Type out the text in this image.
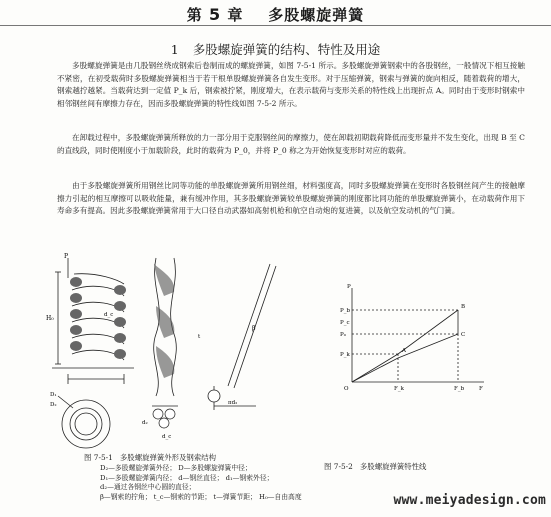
第 5 章 多股螺旋弹簧
1 多股螺旋弹簧的结构、特性及用途
多股螺旋弹簧是由几股钢丝绕成钢索后卷制而成的螺旋弹簧，如图 7-5-1 所示。多股螺旋弹簧钢索中的各股钢丝，一般情况下相互接触不紧密，在初受载荷时多股螺旋弹簧相当于若干根单股螺旋弹簧各自发生变形。对于压缩弹簧，钢索与弹簧的旋向相反，随着载荷的增大，钢索越拧越紧。当载荷达到一定值 P_k 后，钢索被拧紧，刚度增大，在表示载荷与变形关系的特性线上出现折点 A。同时由于变形时钢索中相邻钢丝间有摩擦力存在，因而多股螺旋弹簧的特性线如图 7-5-2 所示。
在卸载过程中，多股螺旋弹簧所释放的力一部分用于克服钢丝间的摩擦力，使在卸载初期载荷降低而变形量并不发生变化，出现 B 至 C 的直线段，同时使刚度小于加载阶段，此时的载荷为 P_0，并将 P_0 称之为开始恢复变形时对应的载荷。
由于多股螺旋弹簧所用钢丝比同等功能的单股螺旋弹簧所用钢丝细，材料强度高，同时多股螺旋弹簧在变形时各股钢丝间产生的接触摩擦力引起的相互摩擦可以吸收能量，兼有缓冲作用，其多股螺旋弹簧较单股螺旋弹簧的刚度都比同功能的单股螺旋弹簧小，在动载荷作用下寿命多有提高。因此多股螺旋弹簧常用于大口径自动武器如高射机枪和航空自动炮的复进簧，以及航空发动机的气门簧。
P
H₀	d_c
d₂
d_c
t
β
πd₂
D₁
D₂
图 7-5-1 多股螺旋弹簧外形及钢索结构
D₂—多股螺旋弹簧外径； D—多股螺旋弹簧中径；
D₁—多股螺旋弹簧内径； d—钢丝直径； d₁—钢索外径；
d₂—通过各钢丝中心圆的直径；
β—钢索的拧角； t_c—钢索的节距； t—弹簧节距； H₀—自由高度
P
P_b
P_c
P₀
P_k
A
B
C
O	F_k	F_b	F
图 7-5-2 多股螺旋弹簧特性线
www.meiyadesign.com
